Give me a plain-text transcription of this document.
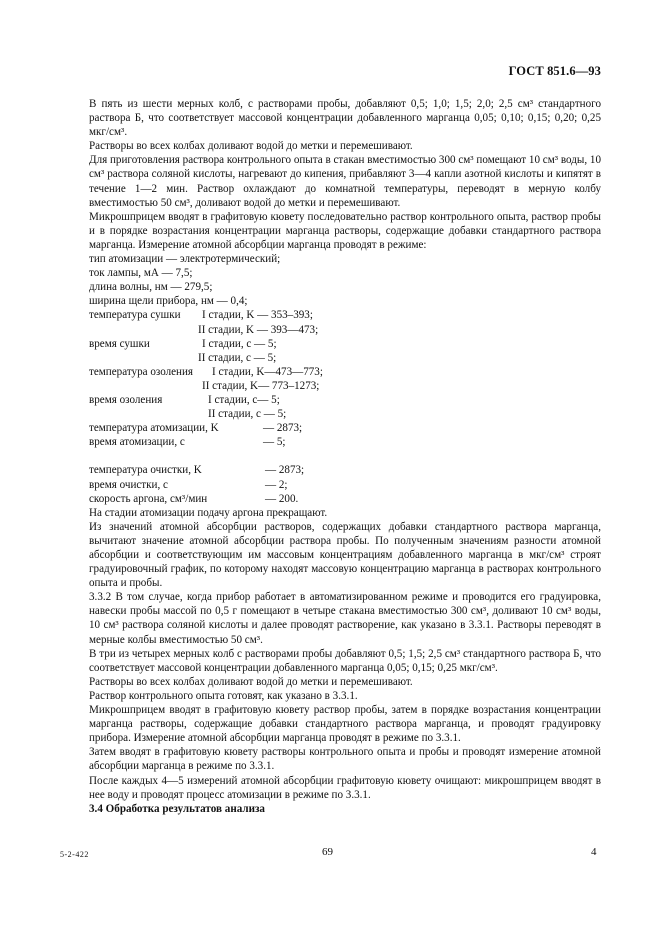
ГОСТ 851.6—93

В пять из шести мерных колб, с растворами пробы, добавляют 0,5; 1,0; 1,5; 2,0; 2,5 см³ стандартного раствора Б, что соответствует массовой концентрации добавленного марганца 0,05; 0,10; 0,15; 0,20; 0,25 мкг/см³.

Растворы во всех колбах доливают водой до метки и перемешивают.

Для приготовления раствора контрольного опыта в стакан вместимостью 300 см³ помещают 10 см³ воды, 10 см³ раствора соляной кислоты, нагревают до кипения, прибавляют 3—4 капли азотной кислоты и кипятят в течение 1—2 мин. Раствор охлаждают до комнатной температуры, переводят в мерную колбу вместимостью 50 см³, доливают водой до метки и перемешивают.

Микрошприцем вводят в графитовую кювету последовательно раствор контрольного опыта, раствор пробы и в порядке возрастания концентрации марганца растворы, содержащие добавки стандартного раствора марганца. Измерение атомной абсорбции марганца проводят в режиме:

тип атомизации — электротермический;
ток лампы, мА — 7,5;
длина волны, нм — 279,5;
ширина щели прибора, нм — 0,4;
температура сушки I стадии, K — 353–393;
II стадии, K — 393—473;
время сушки	I стадии, с — 5;
II стадии, с — 5;
температура озоления I стадии, K—473—773;
II стадии, K— 773–1273;
время озоления	I стадии, с— 5;
II стадии, с — 5;
температура атомизации, K	— 2873;
время атомизации, с	— 5;
температура очистки, K	— 2873;
время очистки, с	— 2;
скорость аргона, см³/мин	— 200.

На стадии атомизации подачу аргона прекращают.

Из значений атомной абсорбции растворов, содержащих добавки стандартного раствора марганца, вычитают значение атомной абсорбции раствора пробы. По полученным значениям разности атомной абсорбции и соответствующим им массовым концентрациям добавленного марганца в мкг/см³ строят градуировочный график, по которому находят массовую концентрацию марганца в растворах контрольного опыта и пробы.

3.3.2 В том случае, когда прибор работает в автоматизированном режиме и проводится его градуировка, навески пробы массой по 0,5 г помещают в четыре стакана вместимостью 300 см³, доливают 10 см³ воды, 10 см³ раствора соляной кислоты и далее проводят растворение, как указано в 3.3.1. Растворы переводят в мерные колбы вместимостью 50 см³.

В три из четырех мерных колб с растворами пробы добавляют 0,5; 1,5; 2,5 см³ стандартного раствора Б, что соответствует массовой концентрации добавленного марганца 0,05; 0,15; 0,25 мкг/см³.

Растворы во всех колбах доливают водой до метки и перемешивают.

Раствор контрольного опыта готовят, как указано в 3.3.1.

Микрошприцем вводят в графитовую кювету раствор пробы, затем в порядке возрастания концентрации марганца растворы, содержащие добавки стандартного раствора марганца, и проводят градуировку прибора. Измерение атомной абсорбции марганца проводят в режиме по 3.3.1.

Затем вводят в графитовую кювету растворы контрольного опыта и пробы и проводят измерение атомной абсорбции марганца в режиме по 3.3.1.

После каждых 4—5 измерений атомной абсорбции графитовую кювету очищают: микрошприцем вводят в нее воду и проводят процесс атомизации в режиме по 3.3.1.

3.4 Обработка результатов анализа

5-2-422	69	4
